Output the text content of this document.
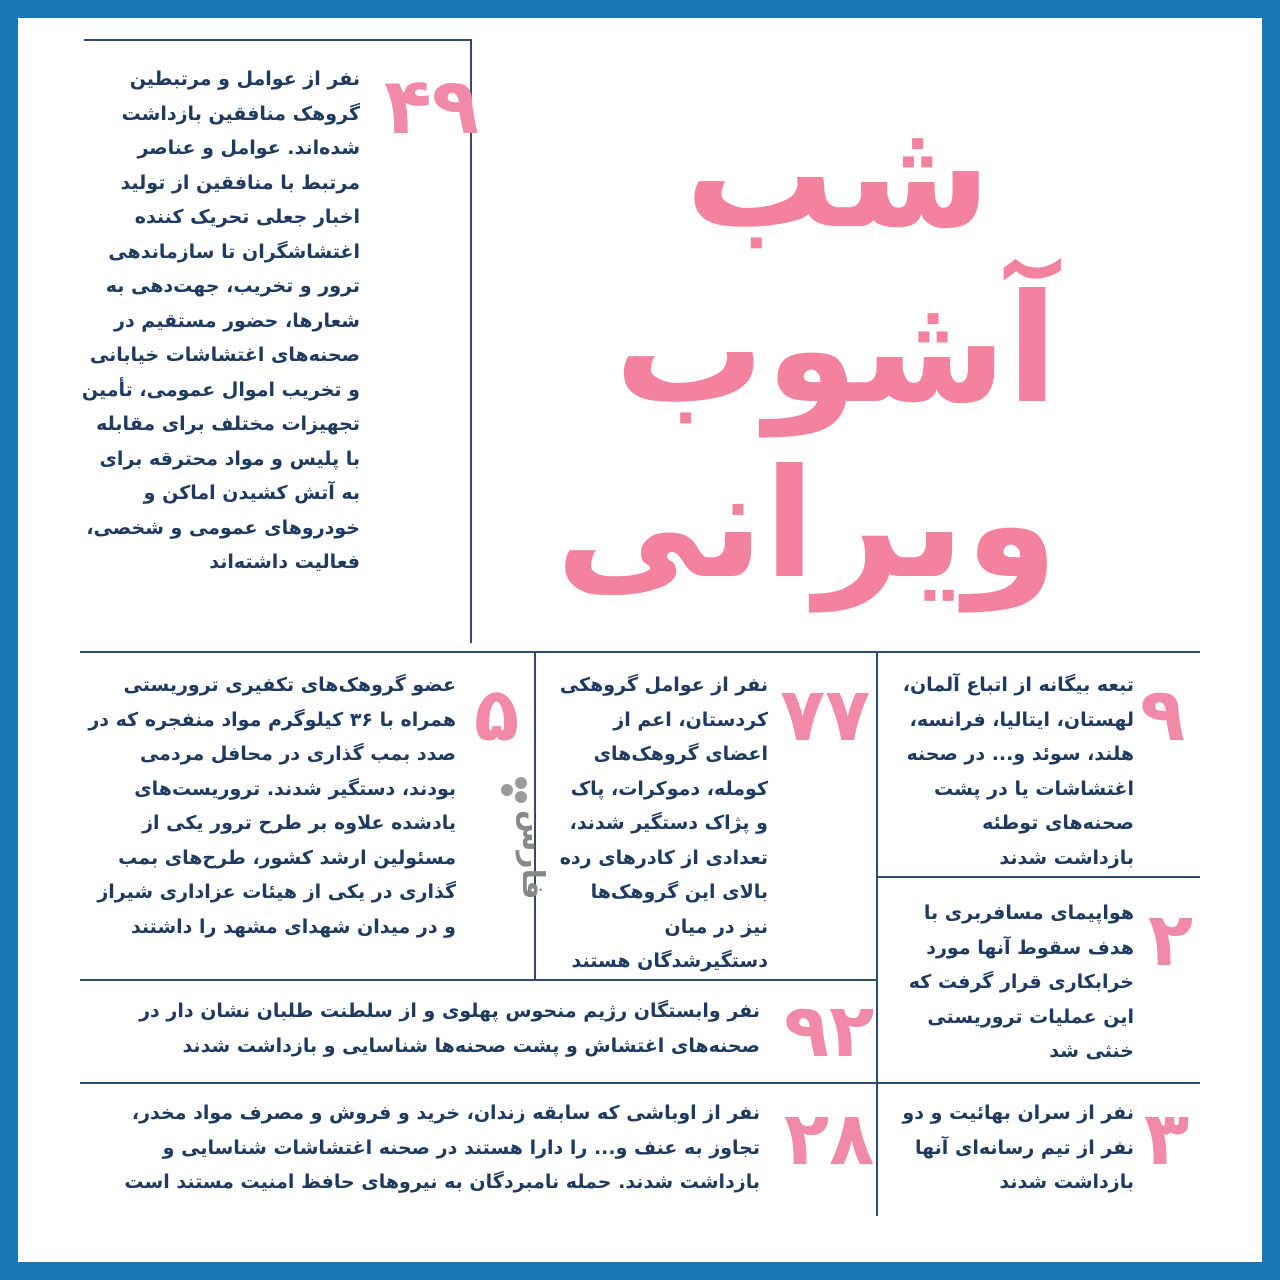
شب
آشوب
ویرانی
۴۹
نفر از عوامل و مرتبطین گروهک منافقین بازداشت شده‌اند. عوامل و عناصر مرتبط با منافقین از تولید اخبار جعلی تحریک کننده اغتشاشگران تا سازماندهی ترور و تخریب، جهت‌دهی به شعارها، حضور مستقیم در صحنه‌های اغتشاشات خیابانی و تخریب اموال عمومی، تأمین تجهیزات مختلف برای مقابله با پلیس و مواد محترقه برای به آتش کشیدن اماکن و خودروهای عمومی و شخصی، فعالیت داشته‌اند
۹
تبعه بیگانه از اتباع آلمان، لهستان، ایتالیا، فرانسه، هلند، سوئد و... در صحنه اغتشاشات یا در پشت صحنه‌های توطئه بازداشت شدند
۷۷
نفر از عوامل گروهکی کردستان، اعم از اعضای گروهک‌های کومله، دموکرات، پاک و پژاک دستگیر شدند، تعدادی از کادرهای رده بالای این گروهک‌ها نیز در میان دستگیرشدگان هستند
۵
عضو گروهک‌های تکفیری تروریستی همراه با ۳۶ کیلوگرم مواد منفجره که در صدد بمب گذاری در محافل مردمی بودند، دستگیر شدند. تروریست‌های یادشده علاوه بر طرح ترور یکی از مسئولین ارشد کشور، طرح‌های بمب گذاری در یکی از هیئات عزاداری شیراز و در میدان شهدای مشهد را داشتند
فارس
۲
هواپیمای مسافربری با هدف سقوط آنها مورد خرابکاری قرار گرفت که این عملیات تروریستی خنثی شد
۹۲
نفر وابستگان رژیم منحوس پهلوی و از سلطنت طلبان نشان دار در صحنه‌های اغتشاش و پشت صحنه‌ها شناسایی و بازداشت شدند
۳
نفر از سران بهائیت و دو نفر از تیم رسانه‌ای آنها بازداشت شدند
۲۸
نفر از اوباشی که سابقه زندان، خرید و فروش و مصرف مواد مخدر، تجاوز به عنف و... را دارا هستند در صحنه اغتشاشات شناسایی و بازداشت شدند. حمله نامبردگان به نیروهای حافظ امنیت مستند است
